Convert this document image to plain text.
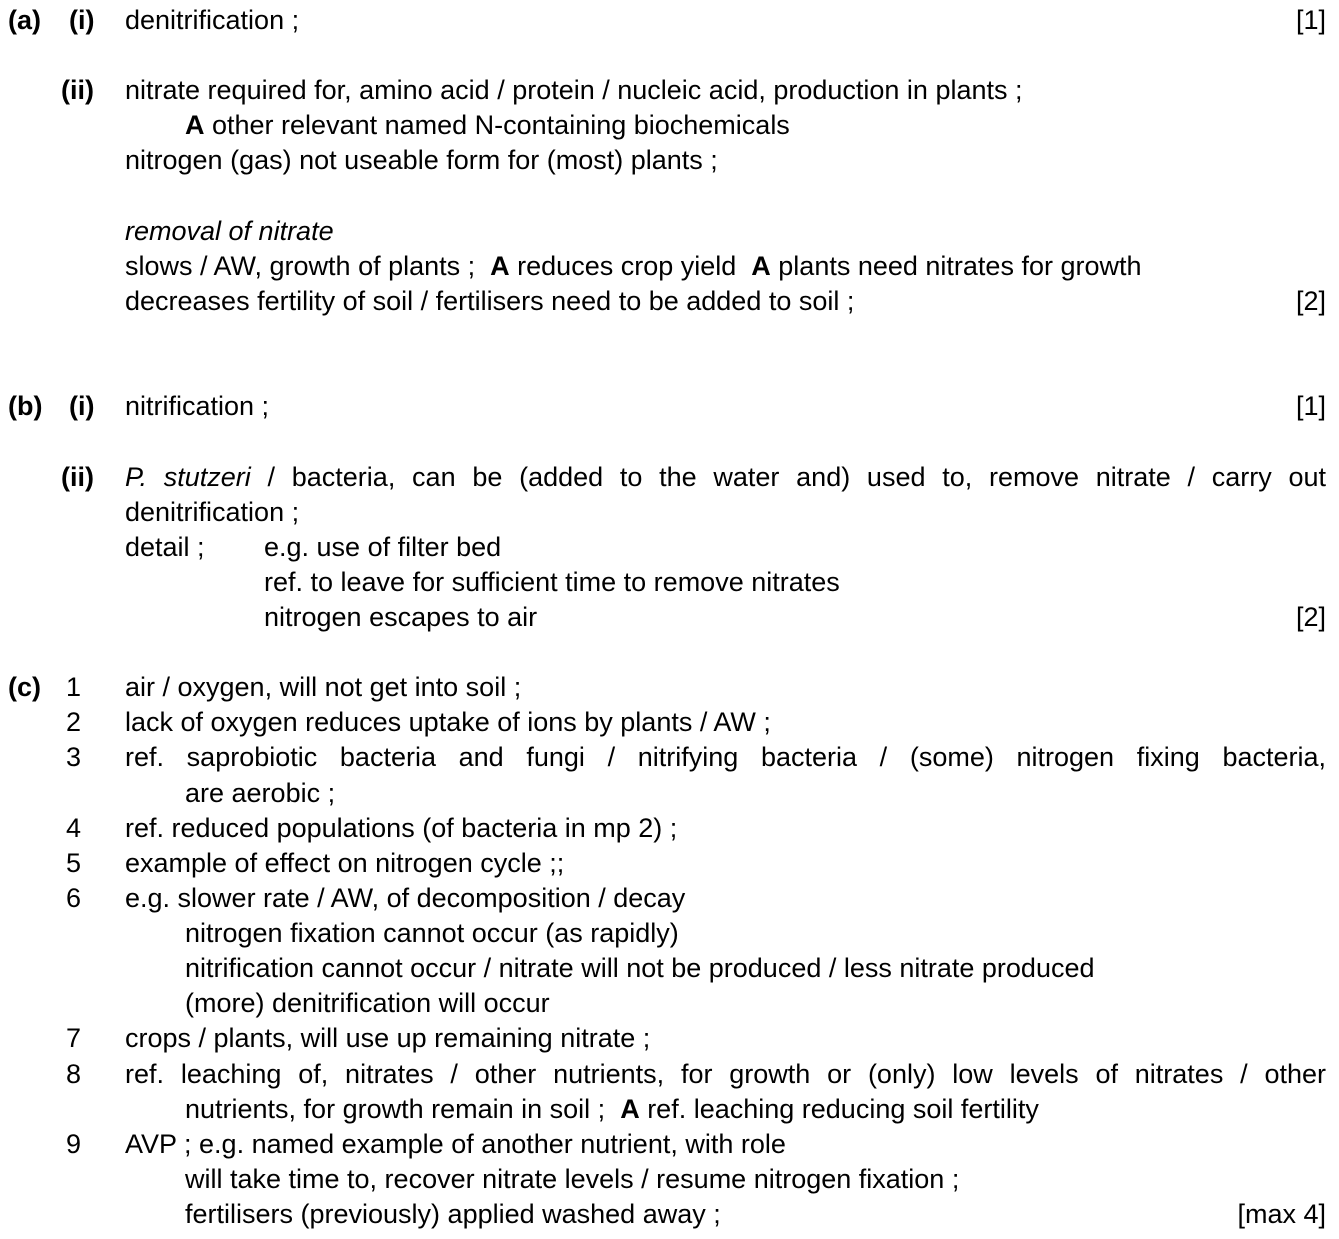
(a) (i) denitrification ;	[1]
(ii) nitrate required for, amino acid / protein / nucleic acid, production in plants ;
A other relevant named N-containing biochemicals
nitrogen (gas) not useable form for (most) plants ;
removal of nitrate
slows / AW, growth of plants ;  A reduces crop yield  A plants need nitrates for growth
decreases fertility of soil / fertilisers need to be added to soil ;	[2]
(b) (i) nitrification ;	[1]
(ii) P. stutzeri / bacteria, can be (added to the water and) used to, remove nitrate / carry out
denitrification ;
detail ; e.g. use of filter bed
ref. to leave for sufficient time to remove nitrates
nitrogen escapes to air	[2]
(c) 1 air / oxygen, will not get into soil ;
2 lack of oxygen reduces uptake of ions by plants / AW ;
3 ref. saprobiotic bacteria and fungi / nitrifying bacteria / (some) nitrogen fixing bacteria,
are aerobic ;
4 ref. reduced populations (of bacteria in mp 2) ;
5 example of effect on nitrogen cycle ;;
6 e.g. slower rate / AW, of decomposition / decay
nitrogen fixation cannot occur (as rapidly)
nitrification cannot occur / nitrate will not be produced / less nitrate produced
(more) denitrification will occur
7 crops / plants, will use up remaining nitrate ;
8 ref. leaching of, nitrates / other nutrients, for growth or (only) low levels of nitrates / other
nutrients, for growth remain in soil ;  A ref. leaching reducing soil fertility
9 AVP ; e.g. named example of another nutrient, with role
will take time to, recover nitrate levels / resume nitrogen fixation ;
fertilisers (previously) applied washed away ;	[max 4]
